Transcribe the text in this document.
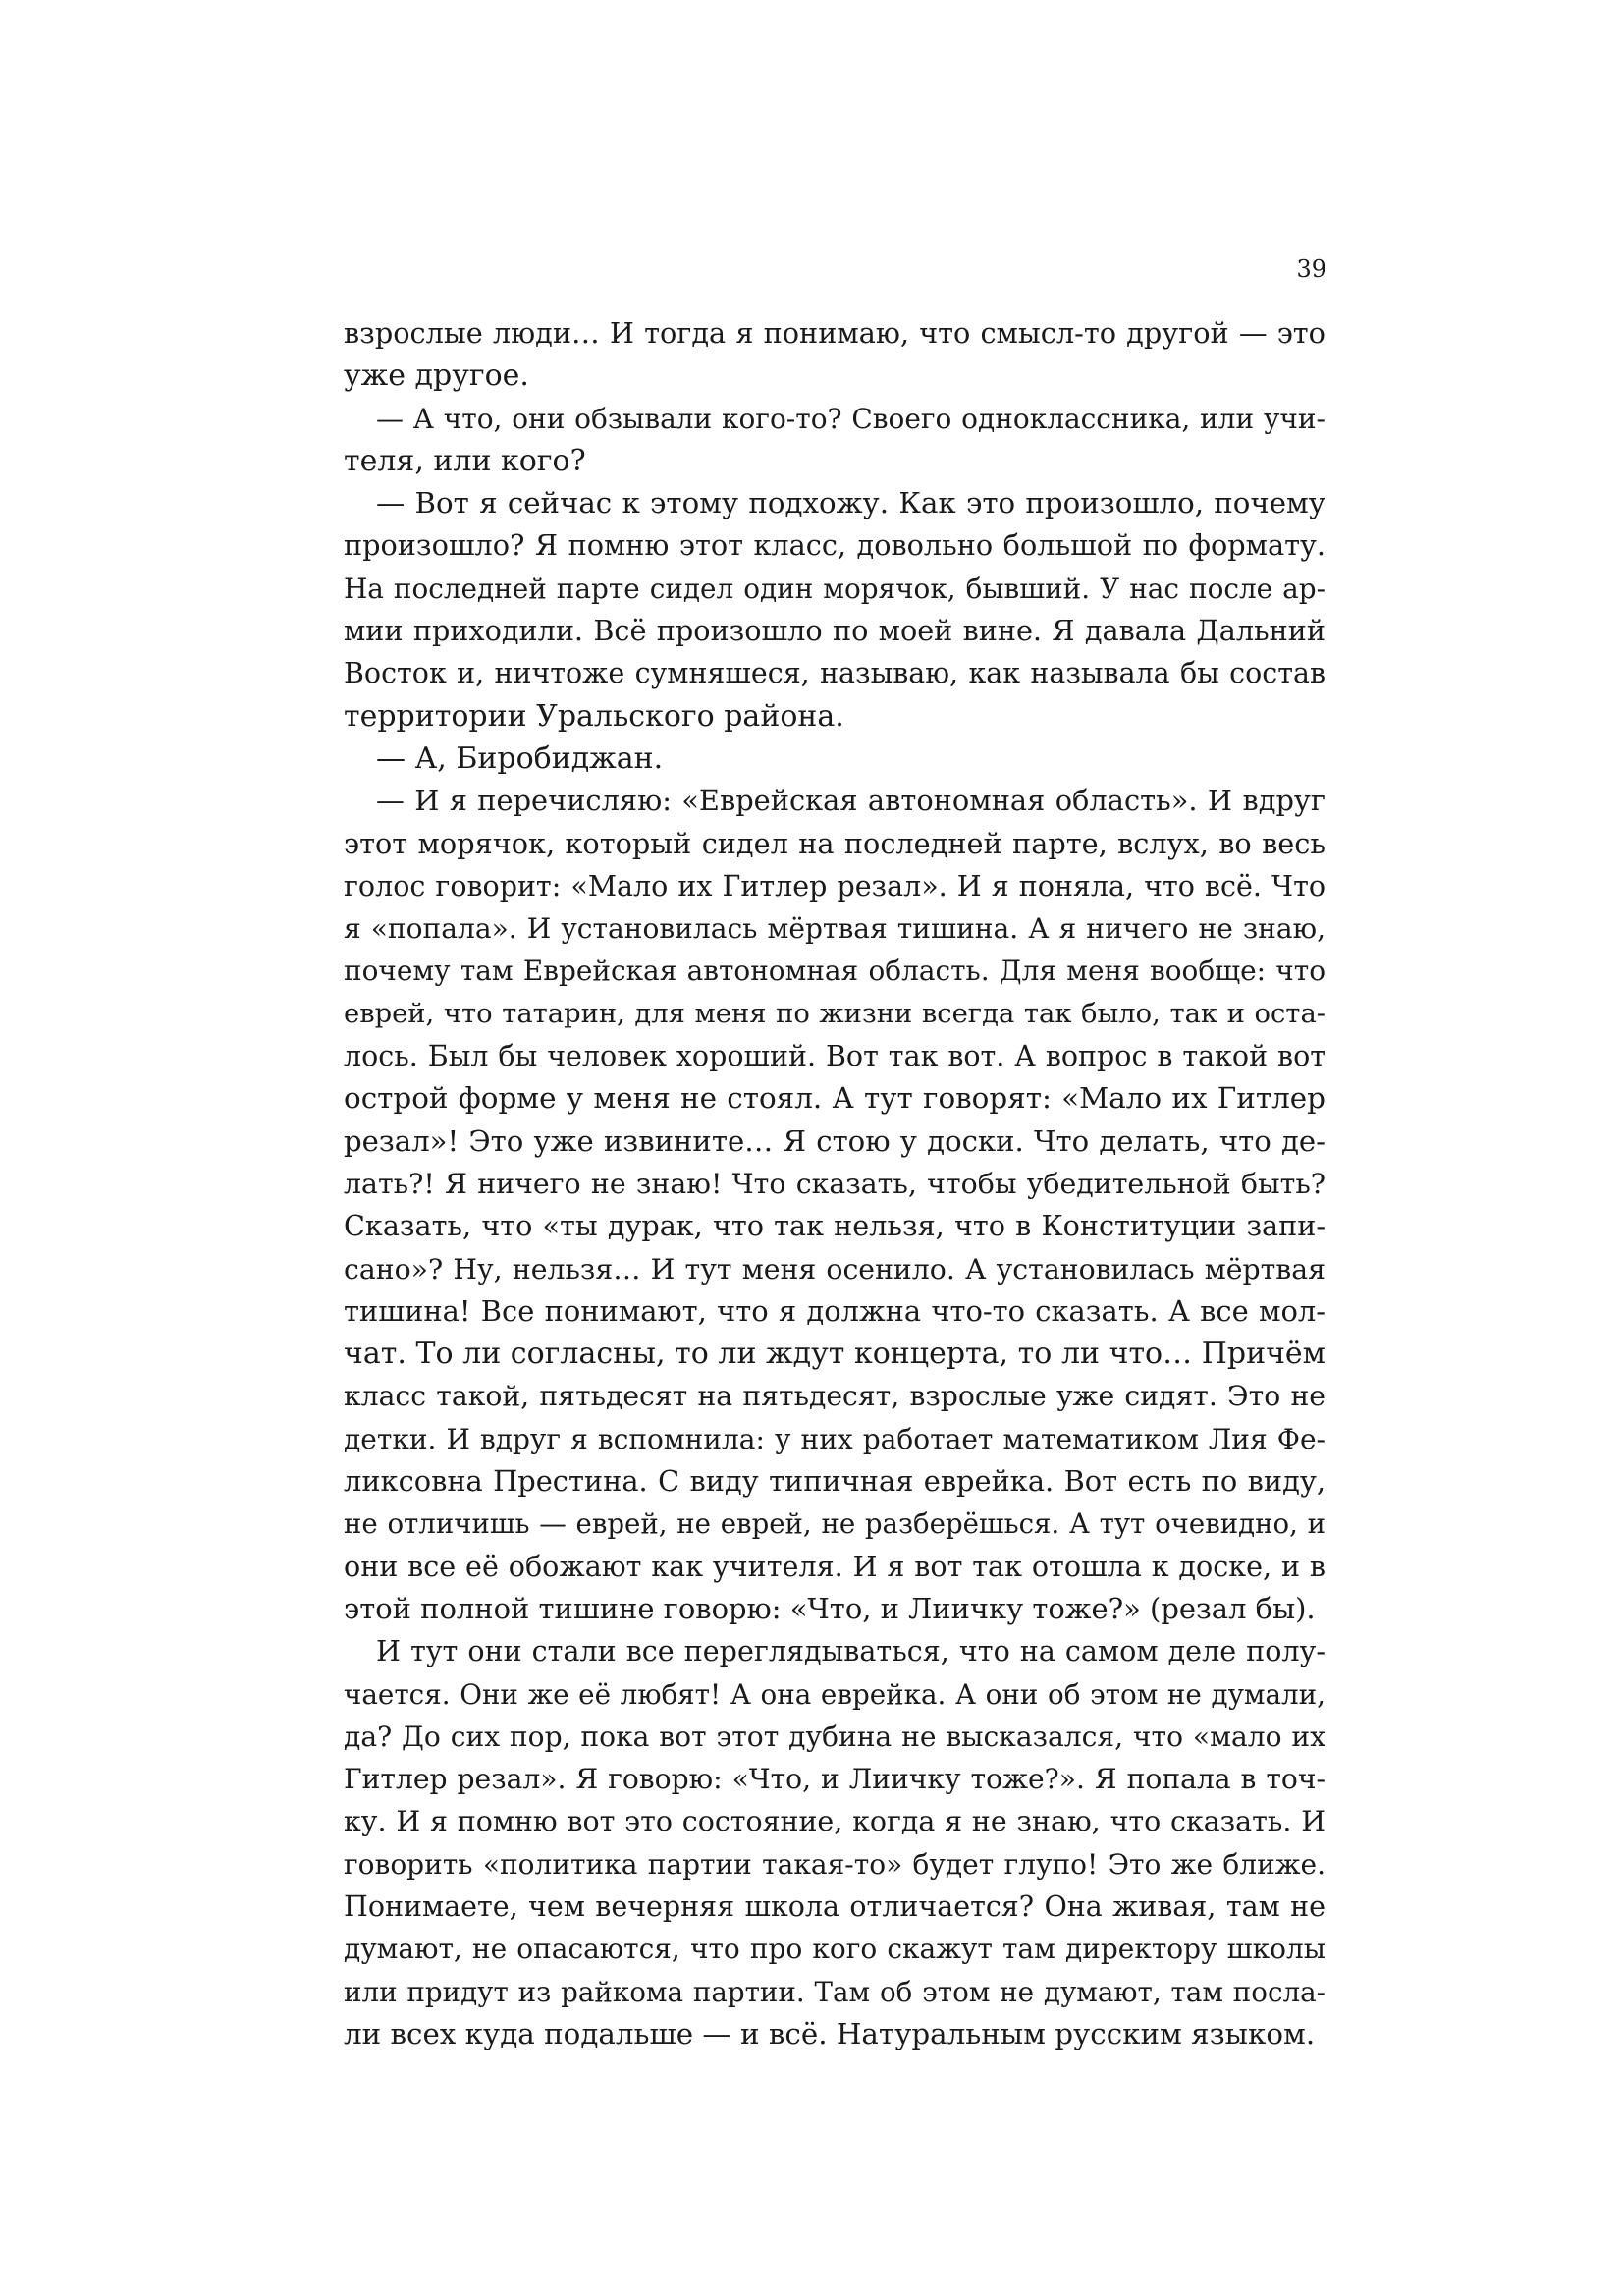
39
взрослые люди… И тогда я понимаю, что смысл-то другой — это
уже другое.
— А что, они обзывали кого-то? Своего одноклассника, или учи-
теля, или кого?
— Вот я сейчас к этому подхожу. Как это произошло, почему
произошло? Я помню этот класс, довольно большой по формату.
На последней парте сидел один морячок, бывший. У нас после ар-
мии приходили. Всё произошло по моей вине. Я давала Дальний
Восток и, ничтоже сумняшеся, называю, как называла бы состав
территории Уральского района.
— А, Биробиджан.
— И я перечисляю: «Еврейская автономная область». И вдруг
этот морячок, который сидел на последней парте, вслух, во весь
голос говорит: «Мало их Гитлер резал». И я поняла, что всё. Что
я «попала». И установилась мёртвая тишина. А я ничего не знаю,
почему там Еврейская автономная область. Для меня вообще: что
еврей, что татарин, для меня по жизни всегда так было, так и оста-
лось. Был бы человек хороший. Вот так вот. А вопрос в такой вот
острой форме у меня не стоял. А тут говорят: «Мало их Гитлер
резал»! Это уже извините… Я стою у доски. Что делать, что де-
лать?! Я ничего не знаю! Что сказать, чтобы убедительной быть?
Сказать, что «ты дурак, что так нельзя, что в Конституции запи-
сано»? Ну, нельзя… И тут меня осенило. А установилась мёртвая
тишина! Все понимают, что я должна что-то сказать. А все мол-
чат. То ли согласны, то ли ждут концерта, то ли что… Причём
класс такой, пятьдесят на пятьдесят, взрослые уже сидят. Это не
детки. И вдруг я вспомнила: у них работает математиком Лия Фе-
ликсовна Престина. С виду типичная еврейка. Вот есть по виду,
не отличишь — еврей, не еврей, не разберёшься. А тут очевидно, и
они все её обожают как учителя. И я вот так отошла к доске, и в
этой полной тишине говорю: «Что, и Лиичку тоже?» (резал бы).
И тут они стали все переглядываться, что на самом деле полу-
чается. Они же её любят! А она еврейка. А они об этом не думали,
да? До сих пор, пока вот этот дубина не высказался, что «мало их
Гитлер резал». Я говорю: «Что, и Лиичку тоже?». Я попала в точ-
ку. И я помню вот это состояние, когда я не знаю, что сказать. И
говорить «политика партии такая-то» будет глупо! Это же ближе.
Понимаете, чем вечерняя школа отличается? Она живая, там не
думают, не опасаются, что про кого скажут там директору школы
или придут из райкома партии. Там об этом не думают, там посла-
ли всех куда подальше — и всё. Натуральным русским языком.
